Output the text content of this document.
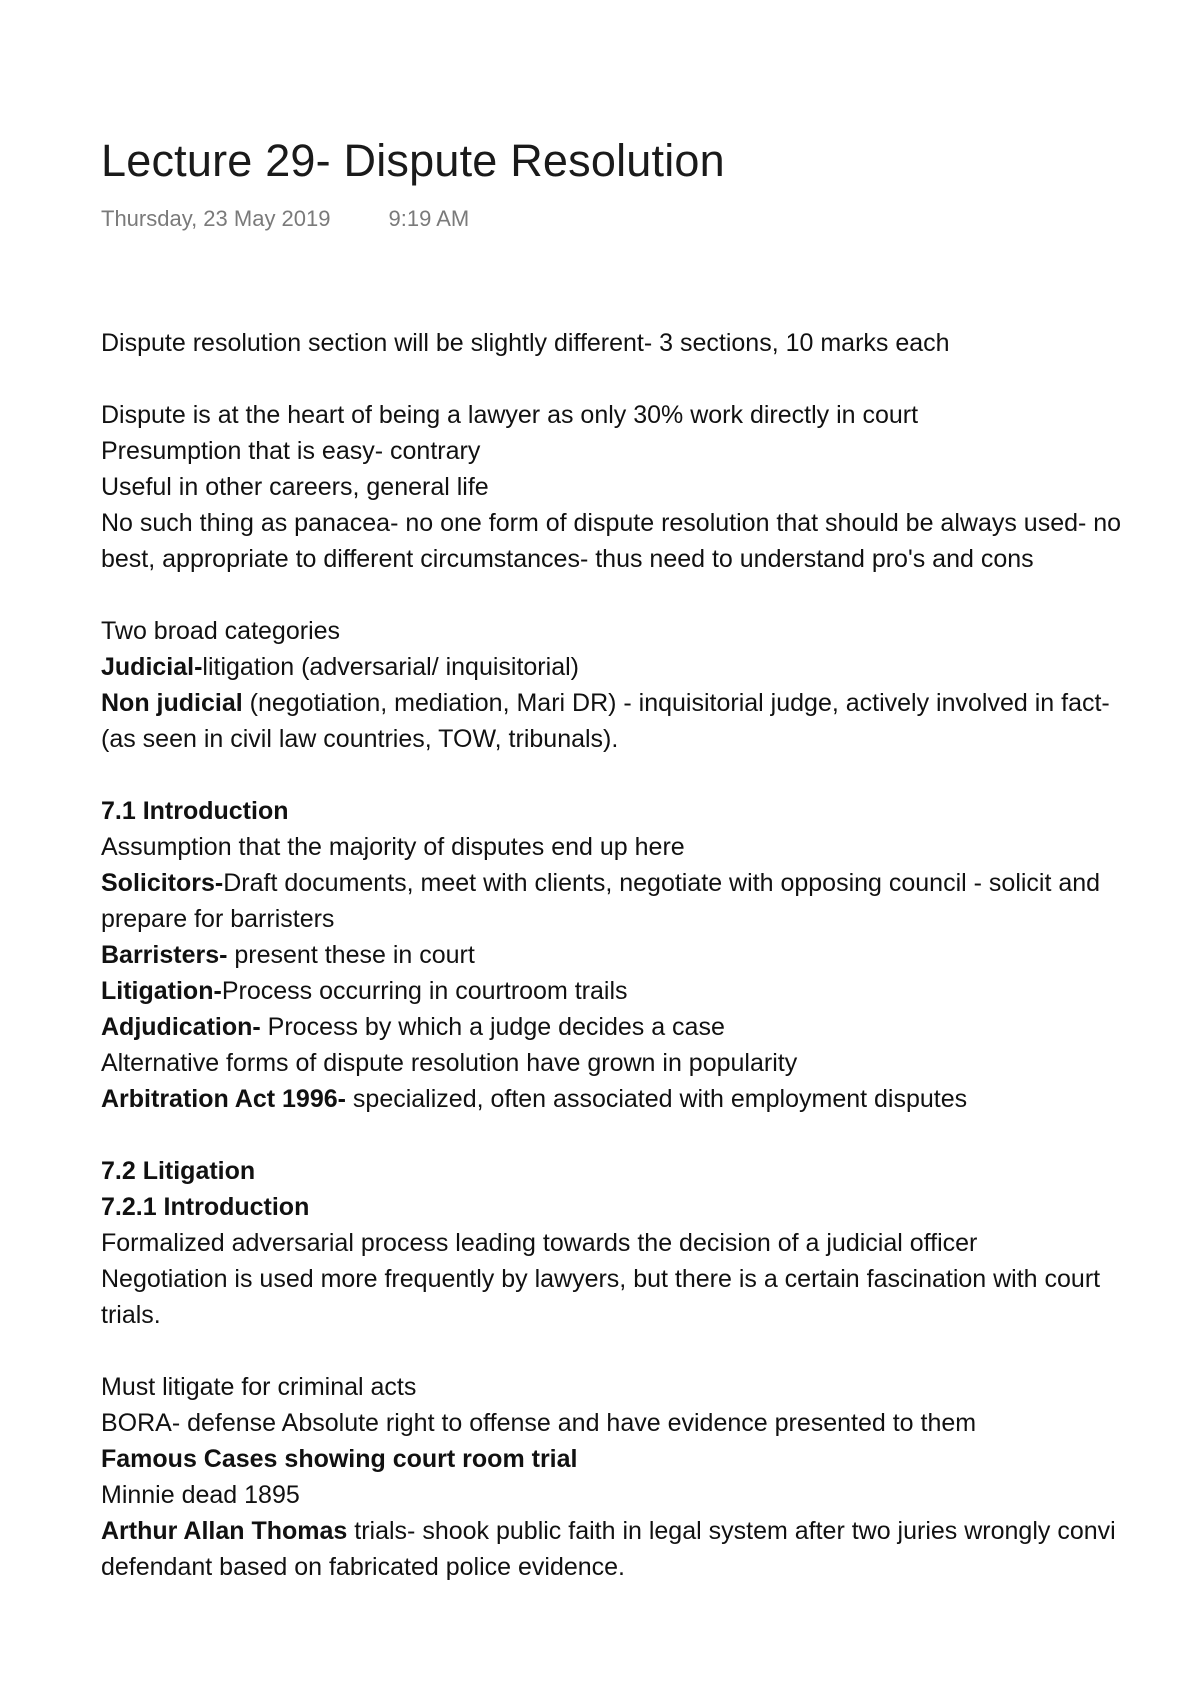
Lecture 29- Dispute Resolution
Thursday, 23 May 2019	9:19 AM
Dispute resolution section will be slightly different- 3 sections, 10 marks each
Dispute is at the heart of being a lawyer as only 30% work directly in court
Presumption that is easy- contrary
Useful in other careers, general life
No such thing as panacea- no one form of dispute resolution that should be always used- no
best, appropriate to different circumstances- thus need to understand pro's and cons
Two broad categories
Judicial-litigation (adversarial/ inquisitorial)
Non judicial (negotiation, mediation, Mari DR) - inquisitorial judge, actively involved in fact-
(as seen in civil law countries, TOW, tribunals).
7.1 Introduction
Assumption that the majority of disputes end up here
Solicitors-Draft documents, meet with clients, negotiate with opposing council - solicit and
prepare for barristers
Barristers- present these in court
Litigation-Process occurring in courtroom trails
Adjudication- Process by which a judge decides a case
Alternative forms of dispute resolution have grown in popularity
Arbitration Act 1996- specialized, often associated with employment disputes
7.2 Litigation
7.2.1 Introduction
Formalized adversarial process leading towards the decision of a judicial officer
Negotiation is used more frequently by lawyers, but there is a certain fascination with court
trials.
Must litigate for criminal acts
BORA- defense Absolute right to offense and have evidence presented to them
Famous Cases showing court room trial
Minnie dead 1895
Arthur Allan Thomas trials- shook public faith in legal system after two juries wrongly convi
defendant based on fabricated police evidence.
